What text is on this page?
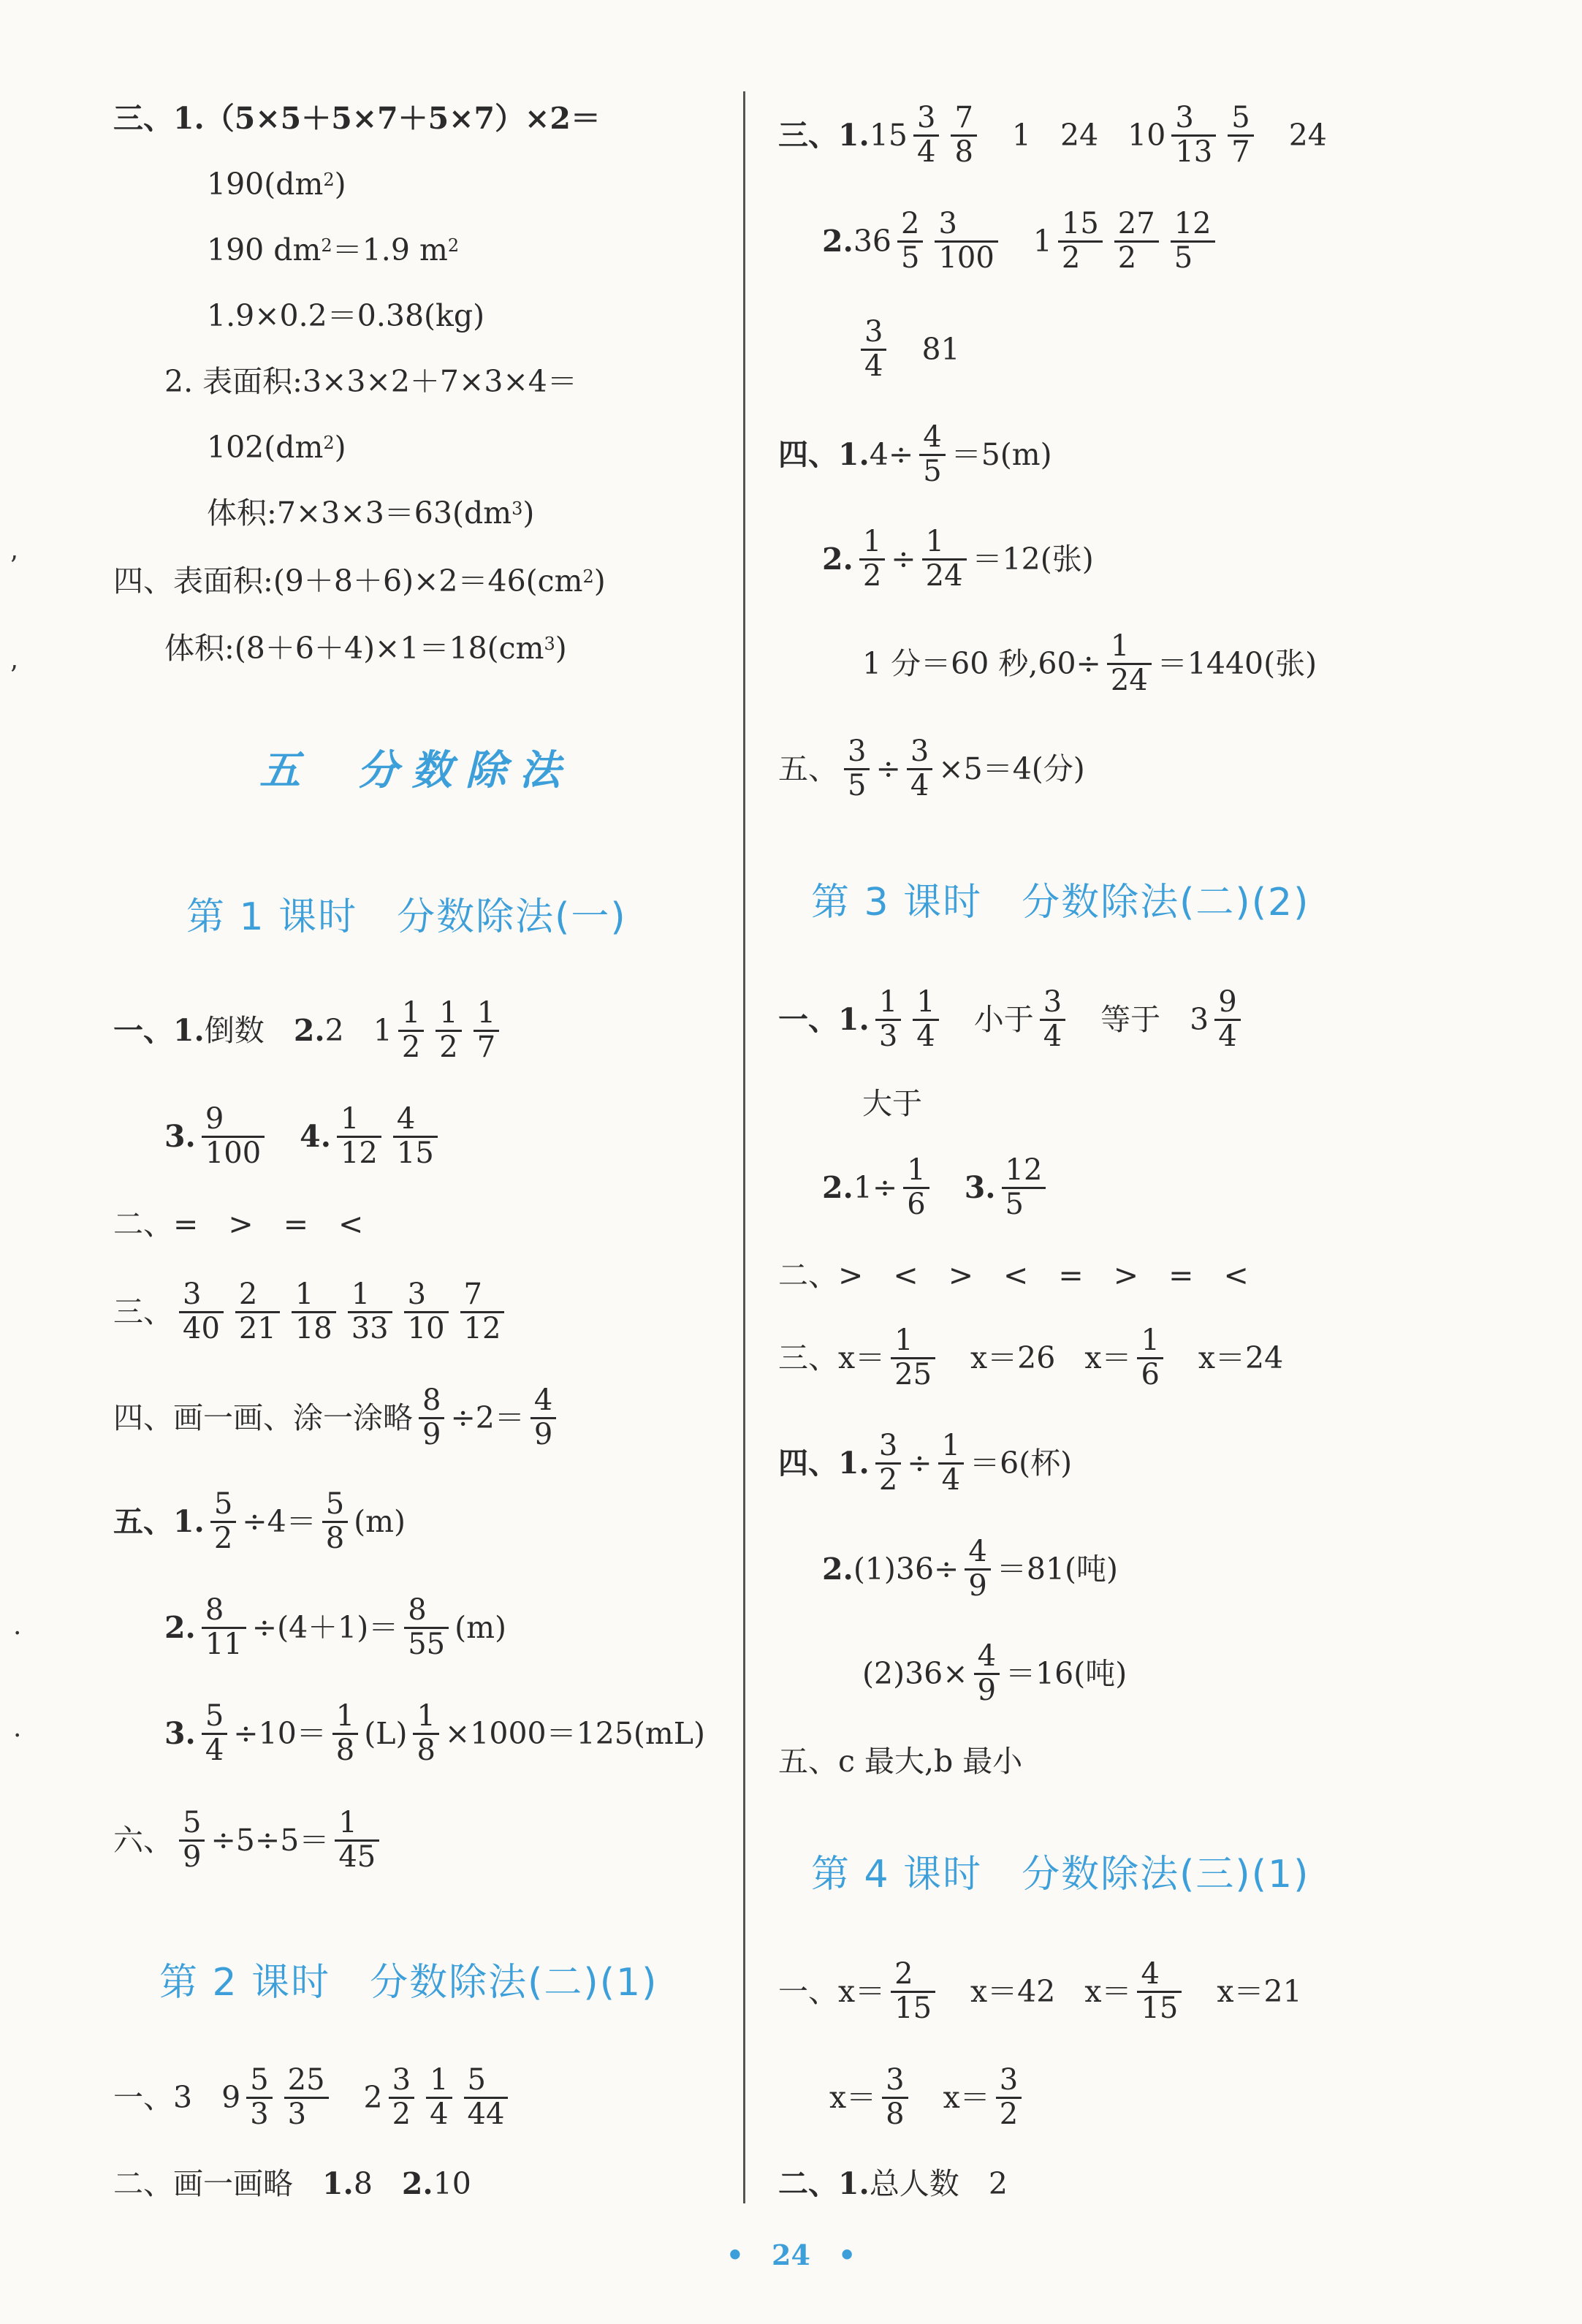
三、1.（5×5＋5×7＋5×7）×2＝
$190(dm^2$ )
190 $dm^2 =1.9$ $m^2$
1.9×0.2＝0.38(kg)
2. 表面积:3×3×2＋7×3×4＝
$102(dm^2$ )
体积$:7\times 3\times 3=63(dm^3$ )
四、表面积$:(9+8+6)\times 2=46(cm^2$ )
体积$:(8+6+4)\times 1=18(cm^3$ )
五 分数除法
第 1 课时　分数除法(一)
一、1. 倒数 2. 2 $1 \frac{1}{2} \frac{1}{2} \frac{1}{7}$
3. $\frac{9}{100} 4$. $\frac{1}{12} \frac{4}{15}$
二、=　>　=　<
三、 $\frac{3}{40} \frac{2}{21} \frac{1}{18} \frac{1}{33} \frac{3}{10} \frac{7}{12}$
四、画一画、涂一涂略 $\frac{8}{9} \div 2= \frac{4}{9}$
五、1. $\frac{5}{2} \div 4= \frac{5}{8} (m)$
2. $\frac{8}{11} \div(4+1)= \frac{8}{55} (m)$
3. $\frac{5}{4} \div 10= \frac{1}{8} (L) \frac{1}{8} \times 1000=125(mL)$
六、 $\frac{5}{9} \div 5\div 5= \frac{1}{45}$
第 2 课时　分数除法(二)(1)
一、3 $9 \frac{5}{3} \frac{25}{3} 2 \frac{3}{2} \frac{1}{4} \frac{5}{44}$
二、画一画略 1. 8 2. 10
三、1. $15 \frac{3}{4} \frac{7}{8} 1$ 24 $10 \frac{3}{13} \frac{5}{7} 24$
2. $36 \frac{2}{5} \frac{3}{100} 1 \frac{15}{2} \frac{27}{2} \frac{12}{5}$
$\frac{3}{4} 81$
四、1. $4\div \frac{4}{5} =5(m)$
2. $\frac{1}{2} \div \frac{1}{24} =12$(张)
1 分＝60 秒$,60\div \frac{1}{24} =1440$(张)
五、 $\frac{3}{5} \div \frac{3}{4} \times 5=4$(分)
第 3 课时　分数除法(二)(2)
一、1. $\frac{1}{3} \frac{1}{4}$ 小于 $\frac{3}{4}$ 等于 $3 \frac{9}{4}$
大于
2. $1\div \frac{1}{6} 3$. $\frac{12}{5}$
二、>　<　>　<　=　>　=　<
三、$x= \frac{1}{25} x=26$ $x= \frac{1}{6} x=24$
四、1. $\frac{3}{2} \div \frac{1}{4} =6$(杯)
2. $(1)36\div \frac{4}{9} =81$(吨)
$(2)36\times \frac{4}{9} =16$(吨)
五、c 最大,b 最小
第 4 课时　分数除法(三)(1)
一、$x= \frac{2}{15} x=42$ $x= \frac{4}{15} x=21$
$x= \frac{3}{8} x= \frac{3}{2}$
二、1. 总人数 2
•　24　•
ʼ
ʼ
·
·
